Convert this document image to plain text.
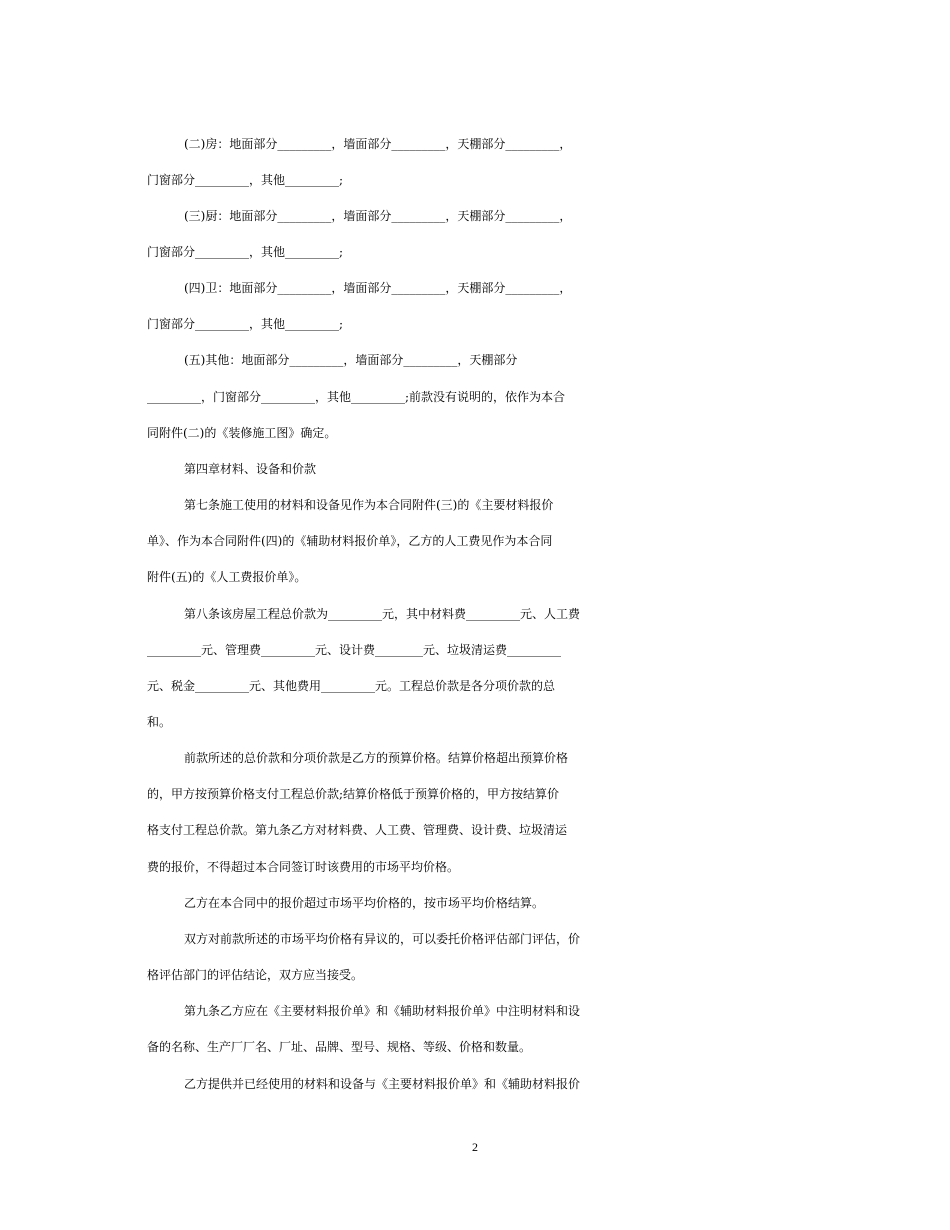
(二)房：地面部分_________，墙面部分_________，天棚部分_________，
门窗部分_________，其他_________;
(三)厨：地面部分_________，墙面部分_________，天棚部分_________，
门窗部分_________，其他_________;
(四)卫：地面部分_________，墙面部分_________，天棚部分_________，
门窗部分_________，其他_________;
(五)其他：地面部分_________，墙面部分_________，天棚部分
_________，门窗部分_________，其他_________;前款没有说明的，依作为本合
同附件(二)的《装修施工图》确定。
第四章材料、设备和价款
第七条施工使用的材料和设备见作为本合同附件(三)的《主要材料报价
单》、作为本合同附件(四)的《辅助材料报价单》，乙方的人工费见作为本合同
附件(五)的《人工费报价单》。
第八条该房屋工程总价款为_________元，其中材料费_________元、人工费
_________元、管理费_________元、设计费________元、垃圾清运费_________
元、税金_________元、其他费用_________元。工程总价款是各分项价款的总
和。
前款所述的总价款和分项价款是乙方的预算价格。结算价格超出预算价格
的，甲方按预算价格支付工程总价款;结算价格低于预算价格的，甲方按结算价
格支付工程总价款。第九条乙方对材料费、人工费、管理费、设计费、垃圾清运
费的报价，不得超过本合同签订时该费用的市场平均价格。
乙方在本合同中的报价超过市场平均价格的，按市场平均价格结算。
双方对前款所述的市场平均价格有异议的，可以委托价格评估部门评估，价
格评估部门的评估结论，双方应当接受。
第九条乙方应在《主要材料报价单》和《辅助材料报价单》中注明材料和设
备的名称、生产厂厂名、厂址、品牌、型号、规格、等级、价格和数量。
乙方提供并已经使用的材料和设备与《主要材料报价单》和《辅助材料报价
2
